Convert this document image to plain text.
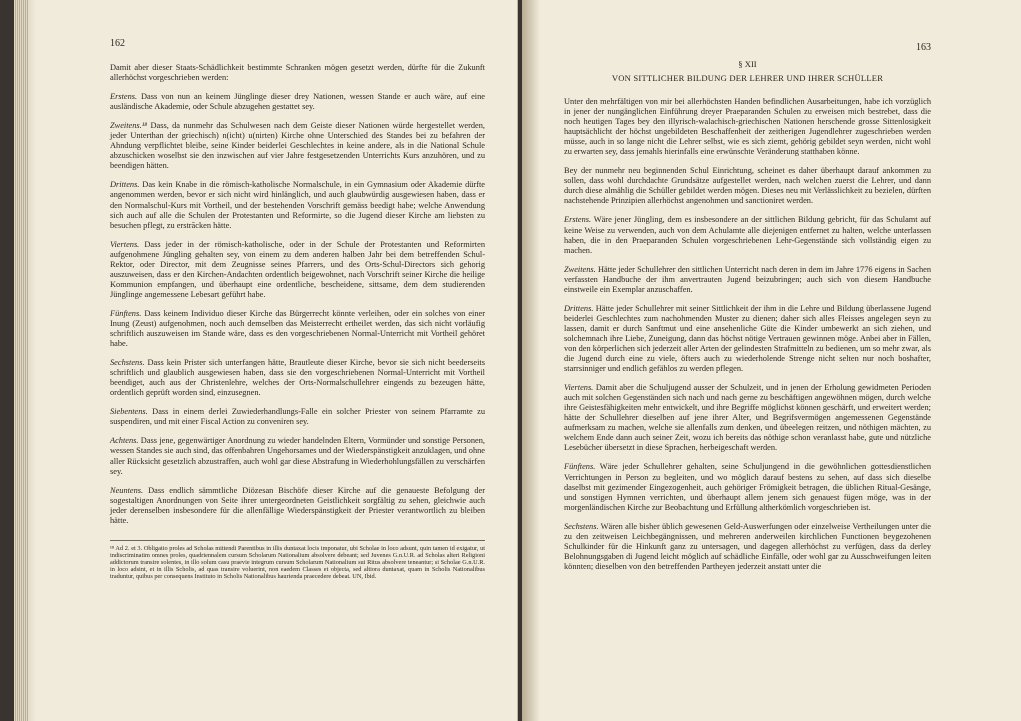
162

Damit aber dieser Staats-Schädlichkeit bestimmte Schranken mögen gesetzt werden, dürfte für die Zukunft allerhöchst vorgeschrieben werden:

Erstens. Dass von nun an keinem Jünglinge dieser drey Nationen, wessen Stande er auch wäre, auf eine ausländische Akademie, oder Schule abzugehen gestattet sey.

Zweitens.¹⁸ Dass, da nunmehr das Schulwesen nach dem Geiste dieser Nationen würde hergestellet werden, jeder Unterthan der griechisch) n(icht) u(nirten) Kirche ohne Unterschied des Standes bei zu befahren der Ahndung verpflichtet bleibe, seine Kinder beiderlei Geschlechtes in keine andere, als in die National Schule abzuschicken woselbst sie den inzwischen auf vier Jahre festgesetzenden Unterrichts Kurs anzuhören, und zu beendigen hätten.

Drittens. Das kein Knabe in die römisch-katholische Normalschule, in ein Gymnasium oder Akademie dürfte angenommen werden, bevor er sich nicht wird hinlänglich, und auch glaubwürdig ausgewiesen haben, dass er den Normalschul-Kurs mit Vortheil, und der bestehenden Vorschrift gemäss beedigt habe; welche Anwendung sich auch auf alle die Schulen der Protestanten und Reformirte, so die Jugend dieser Kirche am liebsten zu besuchen pflegt, zu erstrācken hätte.

Viertens. Dass jeder in der römisch-katholische, oder in der Schule der Protestanten und Reformirten aufgenohmene Jüngling gehalten sey, von einem zu dem anderen halben Jahr bei dem betreffenden Schul-Rektor, oder Director, mit dem Zeugnisse seines Pfarrers, und des Orts-Schul-Directors sich gehorig auszuweisen, dass er den Kirchen-Andachten ordentlich beigewohnet, nach Vorschrift seiner Kirche die heilige Kommunion empfangen, und überhaupt eine ordentliche, bescheidene, sittsame, dem dem studierenden Jünglinge angemessene Lebesart geführt habe.

Fünftens. Dass keinem Individuo dieser Kirche das Bürgerrecht könnte verleihen, oder ein solches von einer Inung (Zeust) aufgenohmen, noch auch demselben das Meisterrecht ertheilet werden, das sich nicht vorläufig schriftlich auszuweisen im Stande wäre, dass es den vorgeschriebenen Normal-Unterricht mit Vortheil gehöret habe.

Sechstens. Dass kein Prister sich unterfangen hätte, Brautleute dieser Kirche, bevor sie sich nicht beederseits schriftlich und glaublich ausgewiesen haben, dass sie den vorgeschriebenen Normal-Unterricht mit Vortheil beendiget, auch aus der Christenlehre, welches der Orts-Normalschullehrer eingends zu bezeugen hätte, ordentlich geprüft worden sind, einzusegnen.

Siebentens. Dass in einem derlei Zuwiederhandlungs-Falle ein solcher Priester von seinem Pfarramte zu suspendiren, und mit einer Fiscal Action zu conveniren sey.

Achtens. Dass jene, gegenwärtiger Anordnung zu wieder handelnden Eltern, Vormünder und sonstige Personen, wessen Standes sie auch sind, das offenbahren Ungehorsames und der Wiederspänstigkeit anzuklagen, und ohne aller Rücksicht gesetzlich abzustraffen, auch wohl gar diese Abstrafung in Wiederhohlungsfällen zu verschärfen sey.

Neuntens. Dass endlich sämmtliche Diözesan Bischöfe dieser Kirche auf die genaueste Befolgung der sogestaltigen Anordnungen von Seite ihrer untergeordneten Geistlichkeit sorgfältig zu sehen, gleichwie auch jeder derenselben insbesondere für die allenfällige Wiederspänstigkeit der Priester verantwortlich zu bleiben hätte.

¹⁸ Ad 2. et 3. Obligatio proles ad Scholas mittendi Parentibus in illis duntaxat locis imponatur, ubi Scholae in loco adsunt, quin tamen id exigatur, ut indiscriminatim omnes proles, quadriennalem cursum Scholarum Nationalium absolvere debeant; sed Juvenes G.n.U.R. ad Scholas alteri Religioni addictorum transire solentes, in illo solum casu praevie integrum cursum Scholarum Nationalium sui Ritus absolvere teneantur; si Scholae G.n.U.R. in loco adsint, et in illis Scholis, ad quas transire voluerint, non eaedem Classes et objecta, sed altiora duntaxat, quam in Scholis Nationalibus traduntur, quibus per consequens Instituto in Scholis Nationalibus hauriendа praecedere debeat. UN, Ibid.
163
§ XII
VON SITTLICHER BILDUNG DER LEHRER UND IHRER SCHÜLLER

Unter den mehrfältigen von mir bei allerhöchsten Handen befindlichen Ausarbeitungen, habe ich vorzüglich in jener der nungänglichen Einführung dreyer Praeparanden Schulen zu erweisen mich bestrebet, dass die noch heutigen Tages bey den illyrisch-walachisch-griechischen Nationen herschende grosse Sittenlosigkeit hauptsächlicht der höchst ungebildeten Beschaffenheit der zeitherigen Jugendlehrer zugeschrieben werden müsse, auch in so lange nicht die Lehrer selbst, wie es sich ziemt, gehörig gebildet seyn werden, nicht wohl zu erwarten sey, dass jemahls hierinfalls eine erwünschte Veränderung statthaben könne.

Bey der nunmehr neu beginnenden Schul Einrichtung, scheinet es daher überhaupt darauf ankommen zu sollen, dass wohl durchdachte Grundsätze aufgestellet werden, nach welchen zuerst die Lehrer, und dann durch diese almählig die Schüller gebildet werden mögen. Dieses neu mit Verlässlichkeit zu bezielen, dürften nachstehende Prinzipien allerhöchst angenohmen und sanctioniret werden.

Erstens. Wäre jener Jüngling, dem es insbesondere an der sittlichen Bildung gebricht, für das Schulamt auf keine Weise zu verwenden, auch von dem Achulamte alle diejenigen entfernet zu halten, welche unterlassen haben, die in den Praeparanden Schulen vorgeschriebenen Lehr-Gegenstände sich vollständig eigen zu machen.

Zweitens. Hätte jeder Schullehrer den sittlichen Unterricht nach deren in dem im Jahre 1776 eigens in Sachen verfassten Handbuche der ihm anvertrauten Jugend beizubringen; auch sich von diesem Handbuche einstweile ein Exemplar anzuschaffen.

Drittens. Hätte jeder Schullehrer mit seiner Sittlichkeit der ihm in die Lehre und Bildung überlassene Jugend beiderlei Geschlechtes zum nachohmenden Muster zu dienen; daher sich alles Fleisses angelegen seyn zu lassen, damit er durch Sanftmut und eine ansehenliche Güte die Kinder umbewerkt an sich ziehen, und solchemnach ihre Liebe, Zuneigung, dann das höchst nötige Vertrauen gewinnen möge. Anbei aber in Fällen, von den körperlichen sich jederzeit aller Arten der gelindesten Strafmitteln zu bedienen, um so mehr zwar, als die Jugend durch eine zu viele, öfters auch zu wiederholende Strenge nicht selten nur noch boshafter, starrsinniger und endlich gefählos zu werden pflegen.

Viertens. Damit aber die Schuljugend ausser der Schulzeit, und in jenen der Erholung gewidmeten Perioden auch mit solchen Gegenständen sich nach und nach gerne zu beschäftigen angewöhnen mögen, durch welche ihre Geistesfähigkeiten mehr entwickelt, und ihre Begriffe möglichst können geschärft, und erweitert werden; hätte der Schullehrer dieselben auf jene ihrer Alter, und Begrifsvermögen angemessenen Gegenstände aufmerksam zu machen, welche sie allenfalls zum denken, und übeelegen reitzen, und nöthigen mächten, zu welchem Ende dann auch seiner Zeit, wozu ich bereits das nöthige schon veranlasst habe, gute und nützliche Lesebücher übersetzt in diese Sprachen, herbeigeschaft werden.

Fünftens. Wäre jeder Schullehrer gehalten, seine Schuljungend in die gewöhnlichen gottesdienstlichen Verrichtungen in Person zu begleiten, und wo möglich darauf bestens zu sehen, auf dass sich dieselbe daselbst mit gezimender Eingezogenheit, auch gehöriger Frömigkeit betragen, die üblichen Ritual-Gesänge, und sonstigen Hymnen verrichten, und überhaupt allem jenem sich genauest fügen möge, was in der morgenländischen Kirche zur Beobachtung und Erfüllung altherkömlich vorgeschrieben ist.

Sechstens. Wären alle bisher üblich gewesenen Geld-Auswerfungen oder einzelweise Vertheilungen unter die zu den zeitweisen Leichbegängnissen, und mehreren anderweilen kirchlichen Functionen beygezohenen Schulkinder für die Hinkunft ganz zu untersagen, und dagegen allerhöchst zu verfügen, dass da derley Belohnungsgaben di Jugend leicht möglich auf schädliche Einfälle, oder wohl gar zu Ausschweifungen leiten könnten; dieselben von den betreffenden Partheyen jederzeit anstatt unter die
